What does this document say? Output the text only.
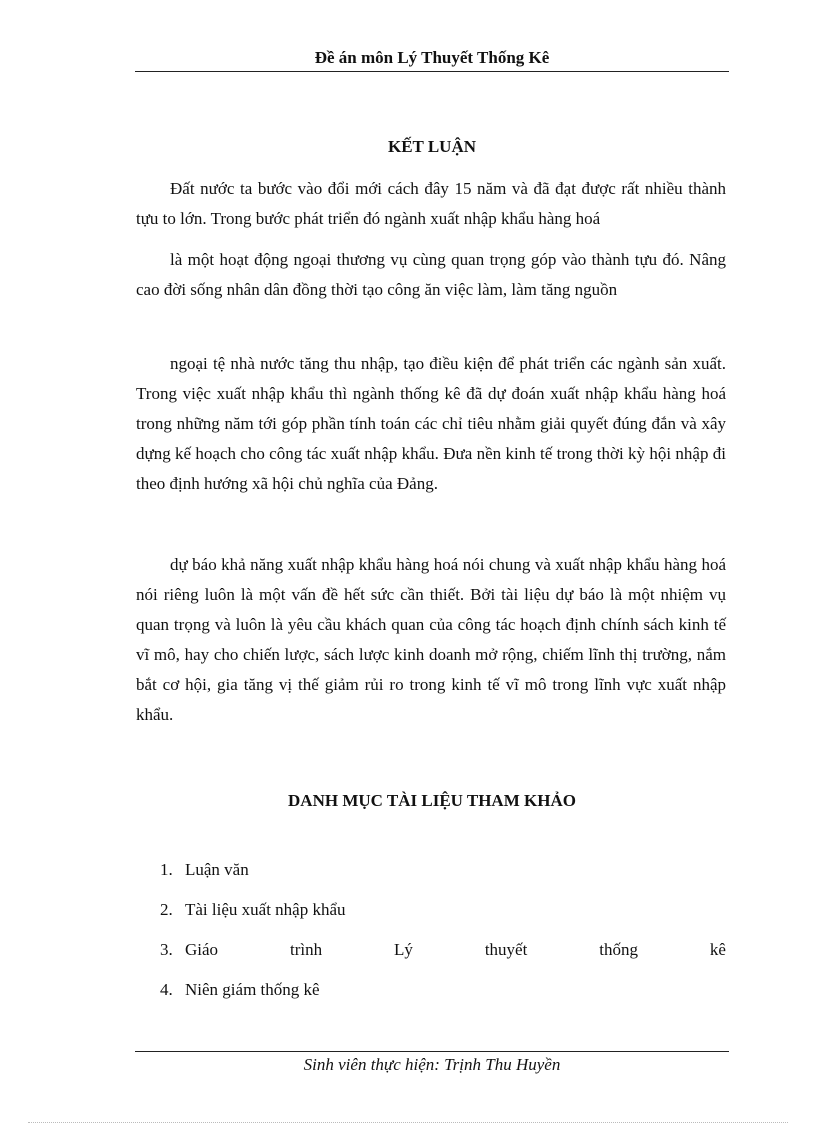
Đề án môn Lý Thuyết Thống Kê
KẾT LUẬN

Đất nước ta bước vào đổi mới cách đây 15 năm và đã đạt được rất nhiều thành tựu to lớn. Trong bước phát triển đó ngành xuất nhập khẩu hàng hoá

là một hoạt động ngoại thương vụ cùng quan trọng góp vào thành tựu đó. Nâng cao đời sống nhân dân đồng thời tạo công ăn việc làm, làm tăng nguồn

ngoại tệ nhà nước tăng thu nhập, tạo điều kiện để phát triển các ngành sản xuất. Trong việc xuất nhập khẩu thì ngành thống kê đã dự đoán xuất nhập khẩu hàng hoá trong những năm tới góp phần tính toán các chỉ tiêu nhằm giải quyết đúng đắn và xây dựng kế hoạch cho công tác xuất nhập khẩu. Đưa nền kinh tế trong thời kỳ hội nhập đi theo định hướng xã hội chủ nghĩa của Đảng.

dự báo khả năng xuất nhập khẩu hàng hoá nói chung và xuất nhập khẩu hàng hoá nói riêng luôn là một vấn đề hết sức cần thiết. Bởi tài liệu dự báo là một nhiệm vụ quan trọng và luôn là yêu cầu khách quan của công tác hoạch định chính sách kinh tế vĩ mô, hay cho chiến lược, sách lược kinh doanh mở rộng, chiếm lĩnh thị trường, nắm bắt cơ hội, gia tăng vị thế giảm rủi ro trong kinh tế vĩ mô trong lĩnh vực xuất nhập khẩu.

DANH MỤC TÀI LIỆU THAM KHẢO
1. Luận văn
2. Tài liệu xuất nhập khẩu
3. Giáo	trình	Lý	thuyết	thống	kê
4. Niên giám thống kê
Sinh viên thực hiện: Trịnh Thu Huyền
